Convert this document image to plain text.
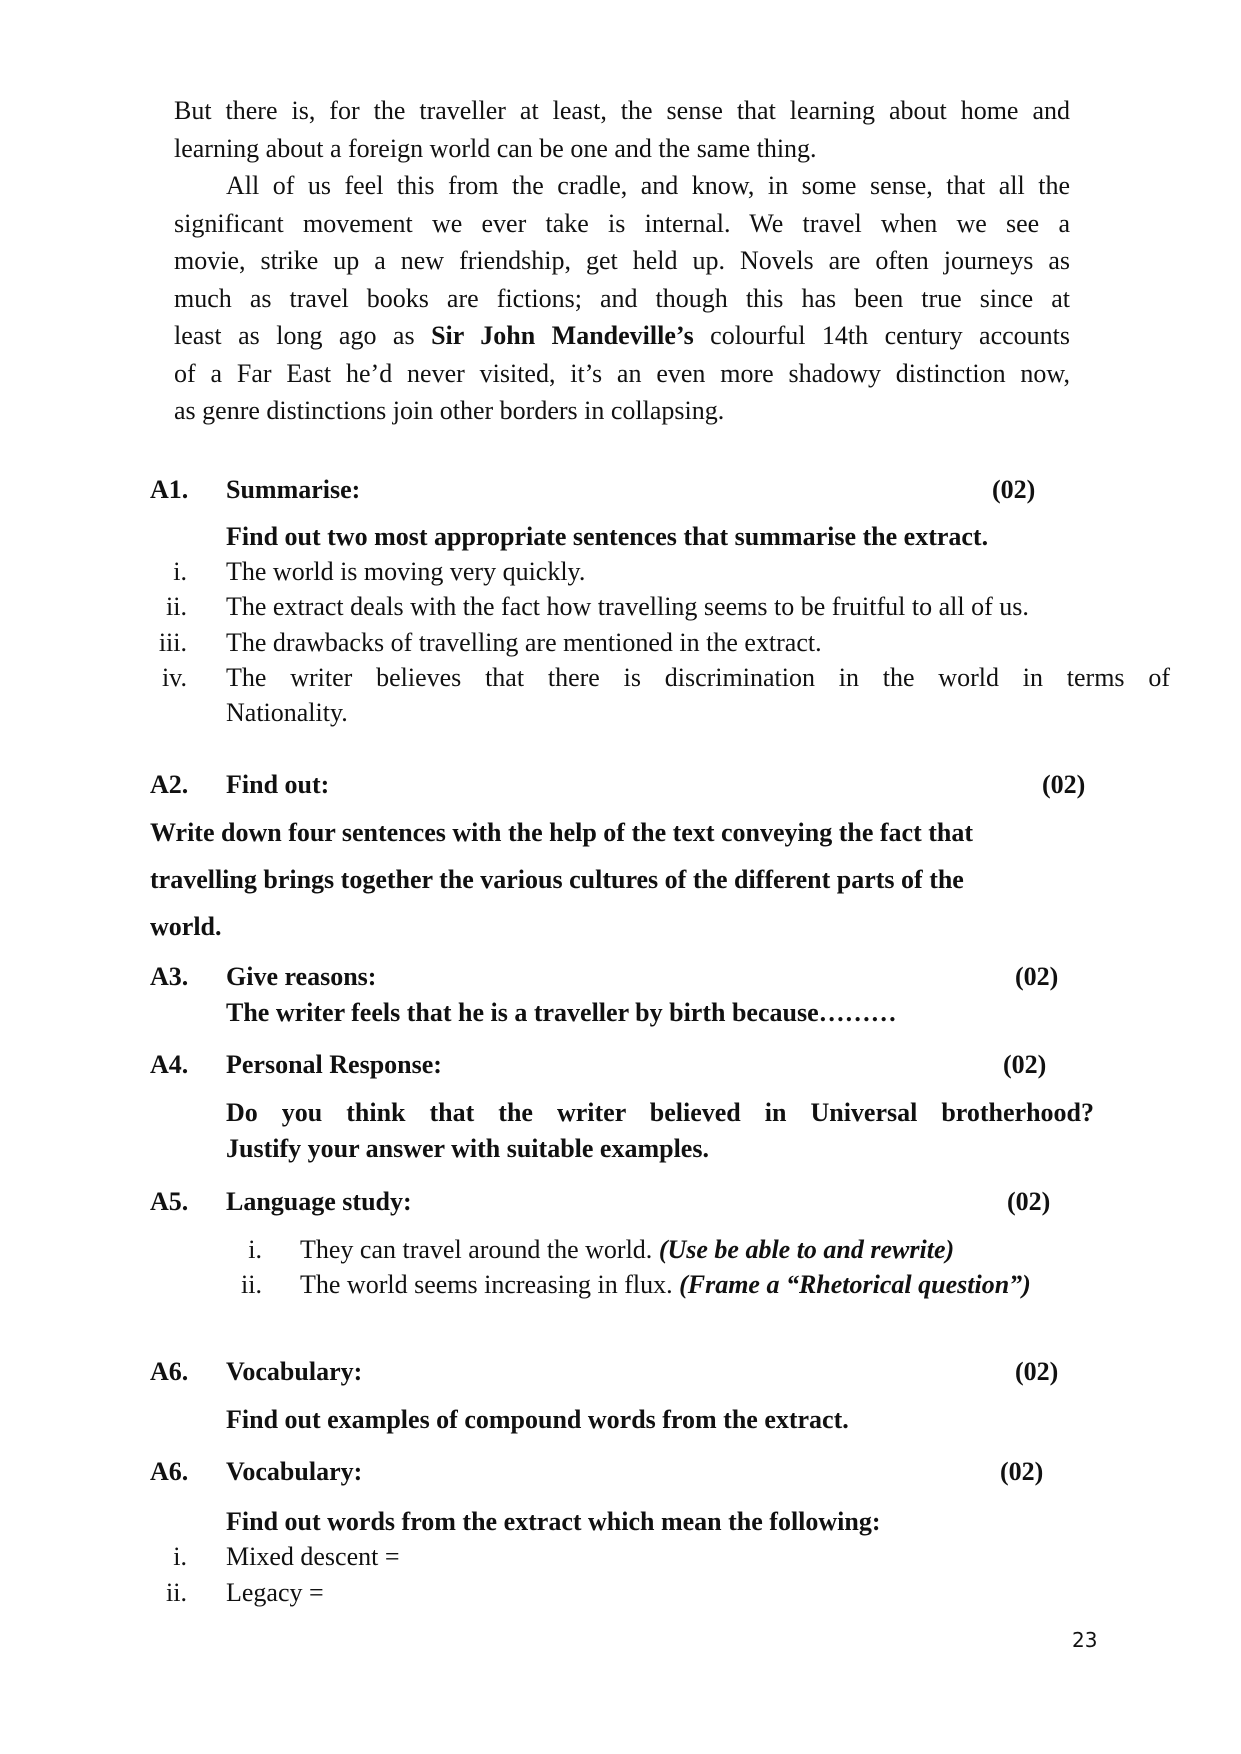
But there is, for the traveller at least, the sense that learning about home and
learning about a foreign world can be one and the same thing.
All of us feel this from the cradle, and know, in some sense, that all the
significant movement we ever take is internal. We travel when we see a
movie, strike up a new friendship, get held up. Novels are often journeys as
much as travel books are fictions; and though this has been true since at
least as long ago as Sir John Mandeville’s colourful 14th century accounts
of a Far East he’d never visited, it’s an even more shadowy distinction now,
as genre distinctions join other borders in collapsing.
A1. Summarise:	(02)
Find out two most appropriate sentences that summarise the extract.
i. The world is moving very quickly.
ii. The extract deals with the fact how travelling seems to be fruitful to all of us.
iii. The drawbacks of travelling are mentioned in the extract.
iv. The writer believes that there is discrimination in the world in terms of
Nationality.
A2. Find out:	(02)
Write down four sentences with the help of the text conveying the fact that
travelling brings together the various cultures of the different parts of the
world.
A3. Give reasons:	(02)
The writer feels that he is a traveller by birth because………
A4. Personal Response:	(02)
Do you think that the writer believed in Universal brotherhood?
Justify your answer with suitable examples.
A5. Language study:	(02)
i. They can travel around the world. (Use be able to and rewrite)
ii. The world seems increasing in flux. (Frame a “Rhetorical question”)
A6. Vocabulary:	(02)
Find out examples of compound words from the extract.
A6. Vocabulary:	(02)
Find out words from the extract which mean the following:
i. Mixed descent =
ii. Legacy =
23
